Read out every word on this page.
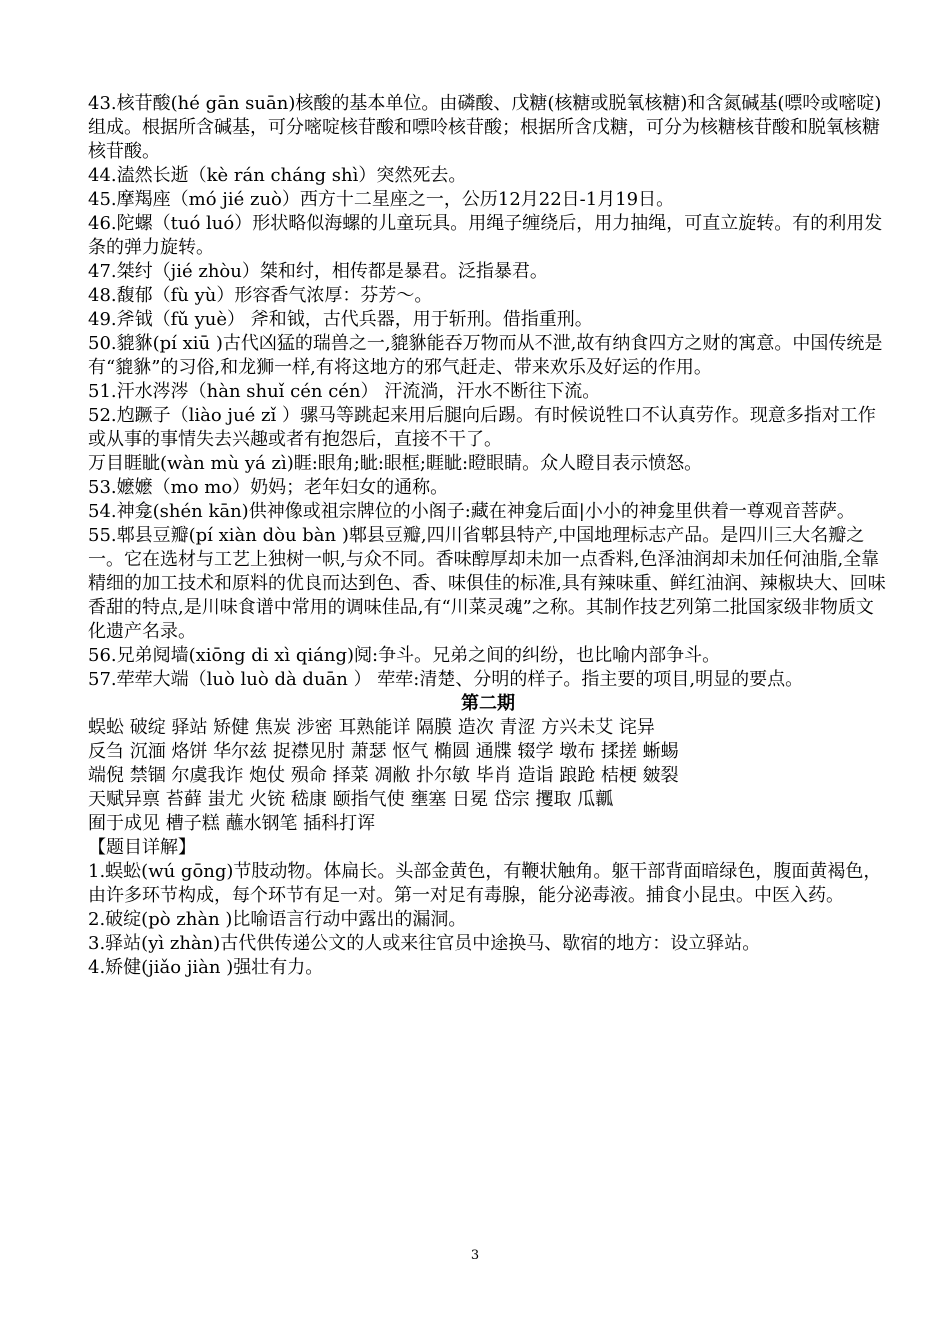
43.核苷酸(hé gān suān)核酸的基本单位。由磷酸、戊糖(核糖或脱氧核糖)和含氮碱基(嘌呤或嘧啶)组成。根据所含碱基，可分嘧啶核苷酸和嘌呤核苷酸；根据所含戊糖，可分为核糖核苷酸和脱氧核糖核苷酸。

44.溘然长逝（kè rán cháng shì）突然死去。

45.摩羯座（mó jié zuò）西方十二星座之一，公历12月22日-1月19日。

46.陀螺（tuó luó）形状略似海螺的儿童玩具。用绳子缠绕后，用力抽绳，可直立旋转。有的利用发条的弹力旋转。

47.桀纣（jié zhòu）桀和纣，相传都是暴君。泛指暴君。

48.馥郁（fù yù）形容香气浓厚：芬芳～。

49.斧钺（fǔ yuè） 斧和钺，古代兵器，用于斩刑。借指重刑。

50.貔貅(pí xiū )古代凶猛的瑞兽之一,貔貅能吞万物而从不泄,故有纳食四方之财的寓意。中国传统是有“貔貅”的习俗,和龙狮一样,有将这地方的邪气赶走、带来欢乐及好运的作用。

51.汗水涔涔（hàn shuǐ cén cén） 汗流淌，汗水不断往下流。

52.尥蹶子（liào jué zǐ ）骡马等跳起来用后腿向后踢。有时候说牲口不认真劳作。现意多指对工作或从事的事情失去兴趣或者有抱怨后，直接不干了。

万目睚眦(wàn mù yá zì)睚:眼角;眦:眼框;睚眦:瞪眼睛。众人瞪目表示愤怒。

53.嬷嬷（mo mo）奶妈；老年妇女的通称。

54.神龛(shén kān)供神像或祖宗牌位的小阁子:藏在神龛后面|小小的神龛里供着一尊观音菩萨。

55.郫县豆瓣(pí xiàn dòu bàn )郫县豆瓣,四川省郫县特产,中国地理标志产品。是四川三大名瓣之一。它在选材与工艺上独树一帜,与众不同。香味醇厚却未加一点香料,色泽油润却未加任何油脂,全靠精细的加工技术和原料的优良而达到色、香、味俱佳的标准,具有辣味重、鲜红油润、辣椒块大、回味香甜的特点,是川味食谱中常用的调味佳品,有“川菜灵魂”之称。其制作技艺列第二批国家级非物质文化遗产名录。

56.兄弟阋墙(xiōng di xì qiáng)阋:争斗。兄弟之间的纠纷，也比喻内部争斗。

57.荦荦大端（luò luò dà duān ） 荦荦:清楚、分明的样子。指主要的项目,明显的要点。

第二期

蜈蚣 破绽 驿站 矫健 焦炭 涉密 耳熟能详 隔膜 造次 青涩 方兴未艾 诧异

反刍 沉湎 烙饼 华尔兹 捉襟见肘 萧瑟 怄气 椭圆 通牒 辍学 墩布 揉搓 蜥蜴

端倪 禁锢 尔虞我诈 炮仗 殒命 择菜 凋敝 扑尔敏 毕肖 造诣 踉跄 桔梗 皴裂

天赋异禀 苔藓 蚩尤 火铳 嵇康 颐指气使 壅塞 日冕 岱宗 攫取 瓜瓤

囿于成见 槽子糕 蘸水钢笔 插科打诨

【题目详解】

1.蜈蚣(wú gōng)节肢动物。体扁长。头部金黄色，有鞭状触角。躯干部背面暗绿色，腹面黄褐色，由许多环节构成，每个环节有足一对。第一对足有毒腺，能分泌毒液。捕食小昆虫。中医入药。

2.破绽(pò zhàn )比喻语言行动中露出的漏洞。

3.驿站(yì zhàn)古代供传递公文的人或来往官员中途换马、歇宿的地方：设立驿站。

4.矫健(jiǎo jiàn )强壮有力。

3
